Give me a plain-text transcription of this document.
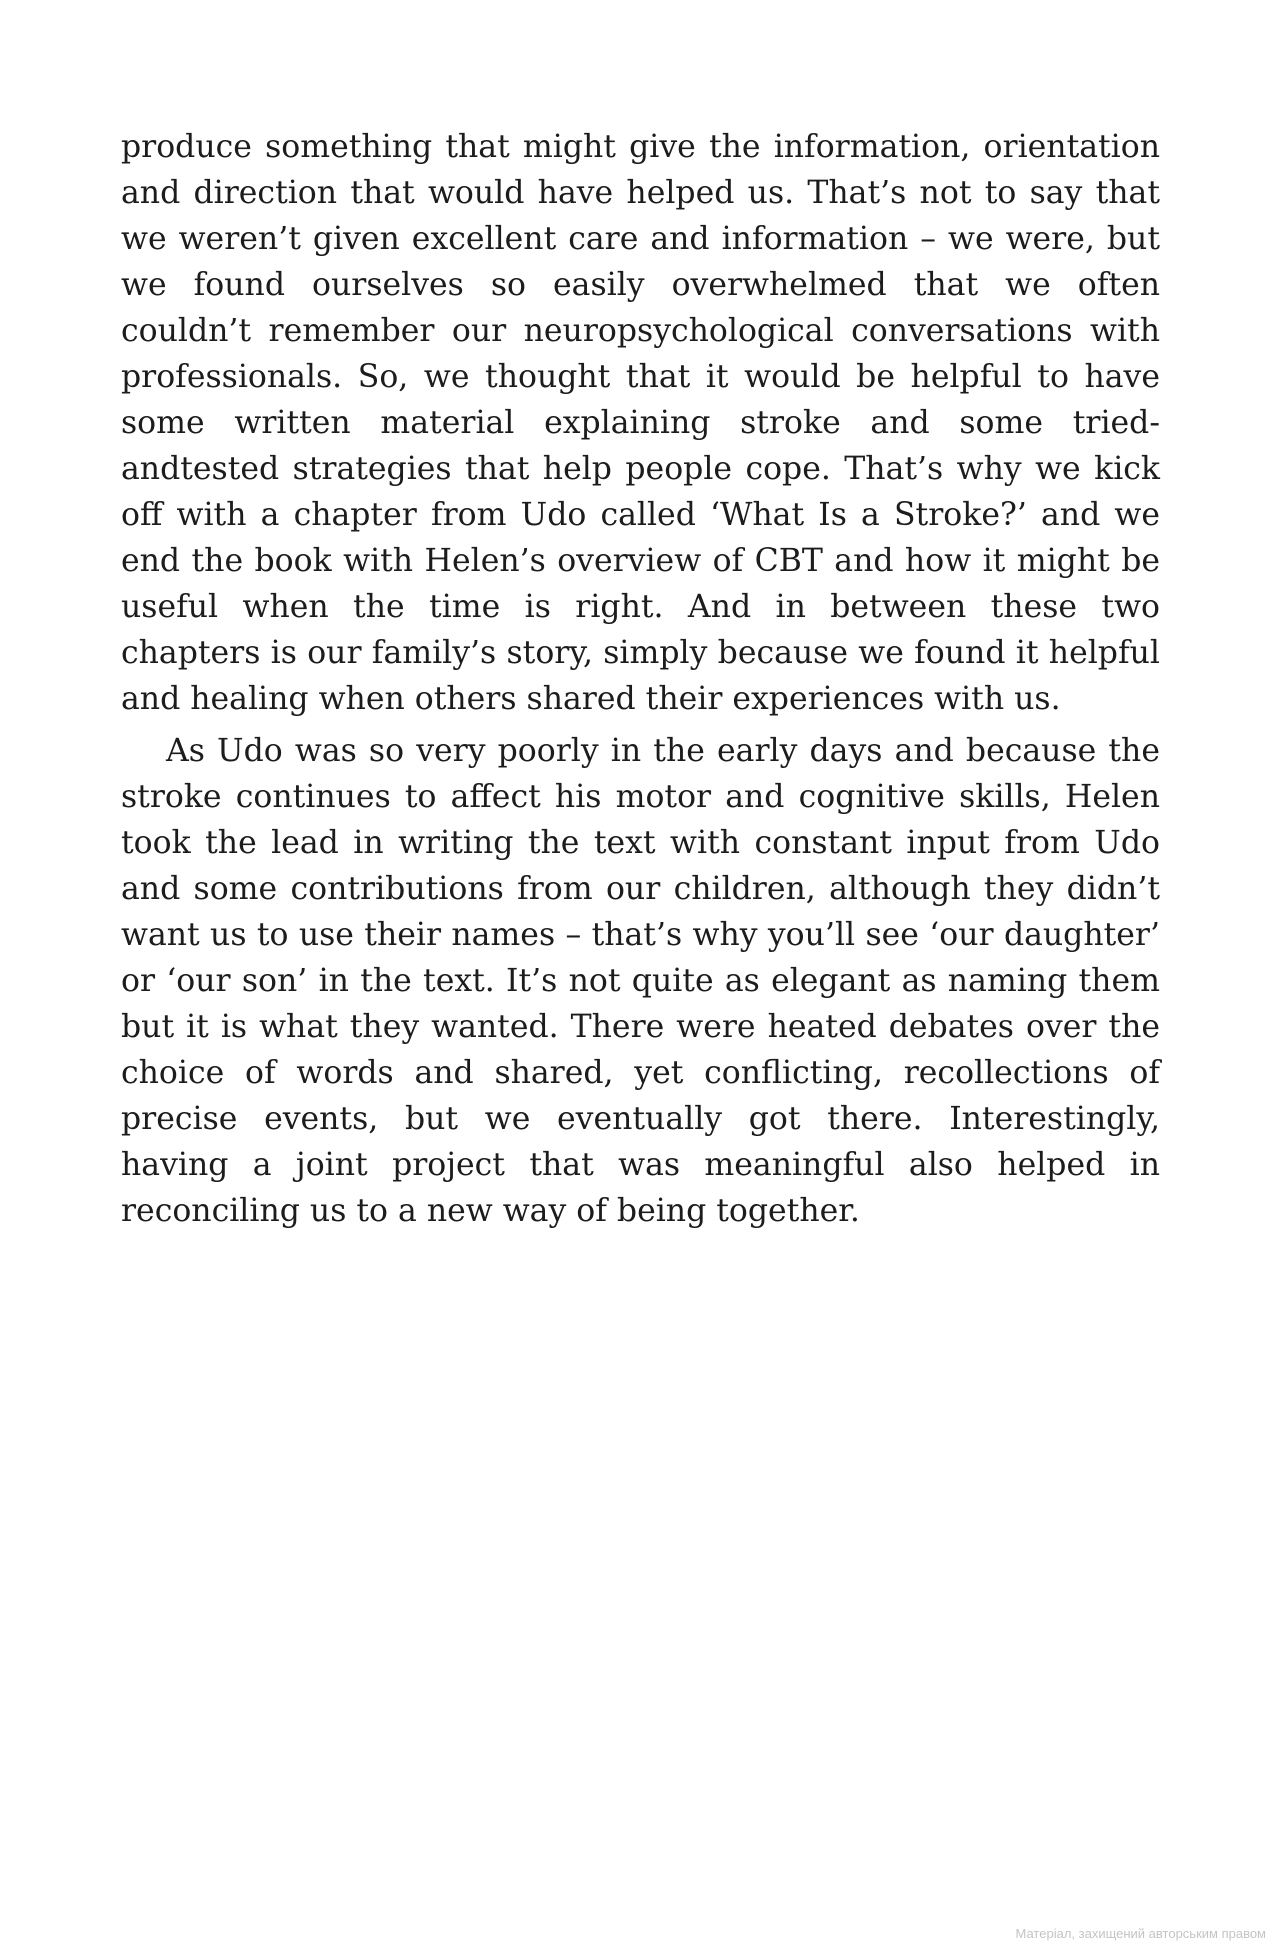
produce something that might give the information, orientation and direction that would have helped us. That’s not to say that we weren’t given excellent care and information – we were, but we found ourselves so easily overwhelmed that we often couldn’t remember our neuropsychological conversations with professionals. So, we thought that it would be helpful to have some written material explaining stroke and some tried-andtested strategies that help people cope. That’s why we kick off with a chapter from Udo called ‘What Is a Stroke?’ and we end the book with Helen’s overview of CBT and how it might be useful when the time is right. And in between these two chapters is our family’s story, simply because we found it helpful and healing when others shared their experiences with us.

As Udo was so very poorly in the early days and because the stroke continues to affect his motor and cognitive skills, Helen took the lead in writing the text with constant input from Udo and some contributions from our children, although they didn’t want us to use their names – that’s why you’ll see ‘our daughter’ or ‘our son’ in the text. It’s not quite as elegant as naming them but it is what they wanted. There were heated debates over the choice of words and shared, yet conflicting, recollections of precise events, but we eventually got there. Interestingly, having a joint project that was meaningful also helped in reconciling us to a new way of being together.

Матеріал, захищений авторським правом
